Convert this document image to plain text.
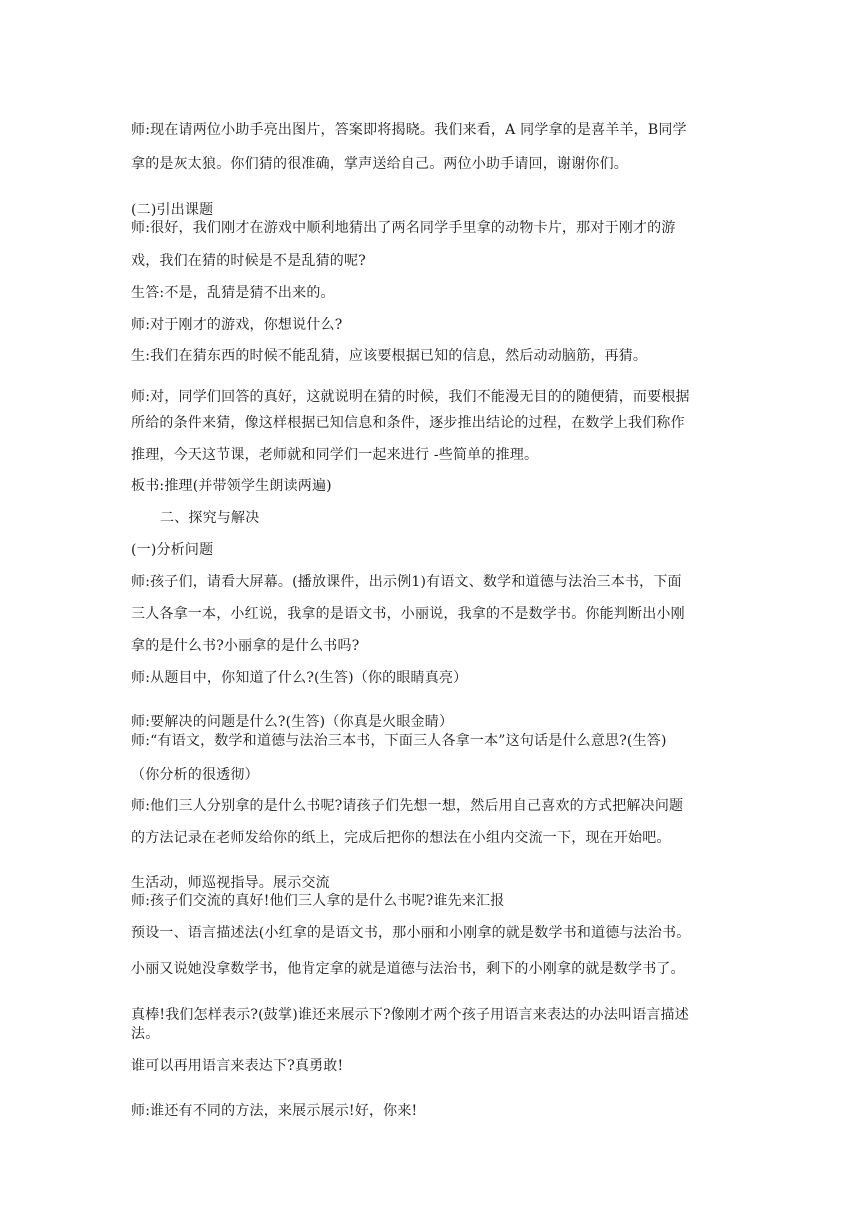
师:现在请两位小助手亮出图片，答案即将揭晓。我们来看，A 同学拿的是喜羊羊，B同学
拿的是灰太狼。你们猜的很准确，掌声送给自己。两位小助手请回，谢谢你们。
(二)引出课题
师:很好，我们刚才在游戏中顺利地猜出了两名同学手里拿的动物卡片，那对于刚才的游
戏，我们在猜的时候是不是乱猜的呢?
生答:不是，乱猜是猜不出来的。
师:对于刚才的游戏，你想说什么?
生:我们在猜东西的时候不能乱猜，应该要根据已知的信息，然后动动脑筋，再猜。
师:对，同学们回答的真好，这就说明在猜的时候，我们不能漫无目的的随便猜，而要根据
所给的条件来猜，像这样根据已知信息和条件，逐步推出结论的过程，在数学上我们称作
推理，今天这节课，老师就和同学们一起来进行 -些简单的推理。
板书:推理(并带领学生朗读两遍)
二、探究与解决
(一)分析问题
师:孩子们，请看大屏幕。(播放课件，出示例1)有语文、数学和道德与法治三本书，下面
三人各拿一本，小红说，我拿的是语文书，小丽说，我拿的不是数学书。你能判断出小刚
拿的是什么书?小丽拿的是什么书吗?
师:从题目中，你知道了什么?(生答)（你的眼睛真亮）
师:要解决的问题是什么?(生答)（你真是火眼金睛）
师:“有语文，数学和道德与法治三本书，下面三人各拿一本”这句话是什么意思?(生答)
（你分析的很透彻）
师:他们三人分别拿的是什么书呢?请孩子们先想一想，然后用自己喜欢的方式把解决问题
的方法记录在老师发给你的纸上，完成后把你的想法在小组内交流一下，现在开始吧。
生活动，师巡视指导。展示交流
师:孩子们交流的真好!他们三人拿的是什么书呢?谁先来汇报
预设一、语言描述法(小红拿的是语文书，那小丽和小刚拿的就是数学书和道德与法治书。
小丽又说她没拿数学书，他肯定拿的就是道德与法治书，剩下的小刚拿的就是数学书了。
真棒!我们怎样表示?(鼓掌)谁还来展示下?像刚才两个孩子用语言来表达的办法叫语言描述
法。
谁可以再用语言来表达下?真勇敢!
师:谁还有不同的方法，来展示展示!好，你来!
